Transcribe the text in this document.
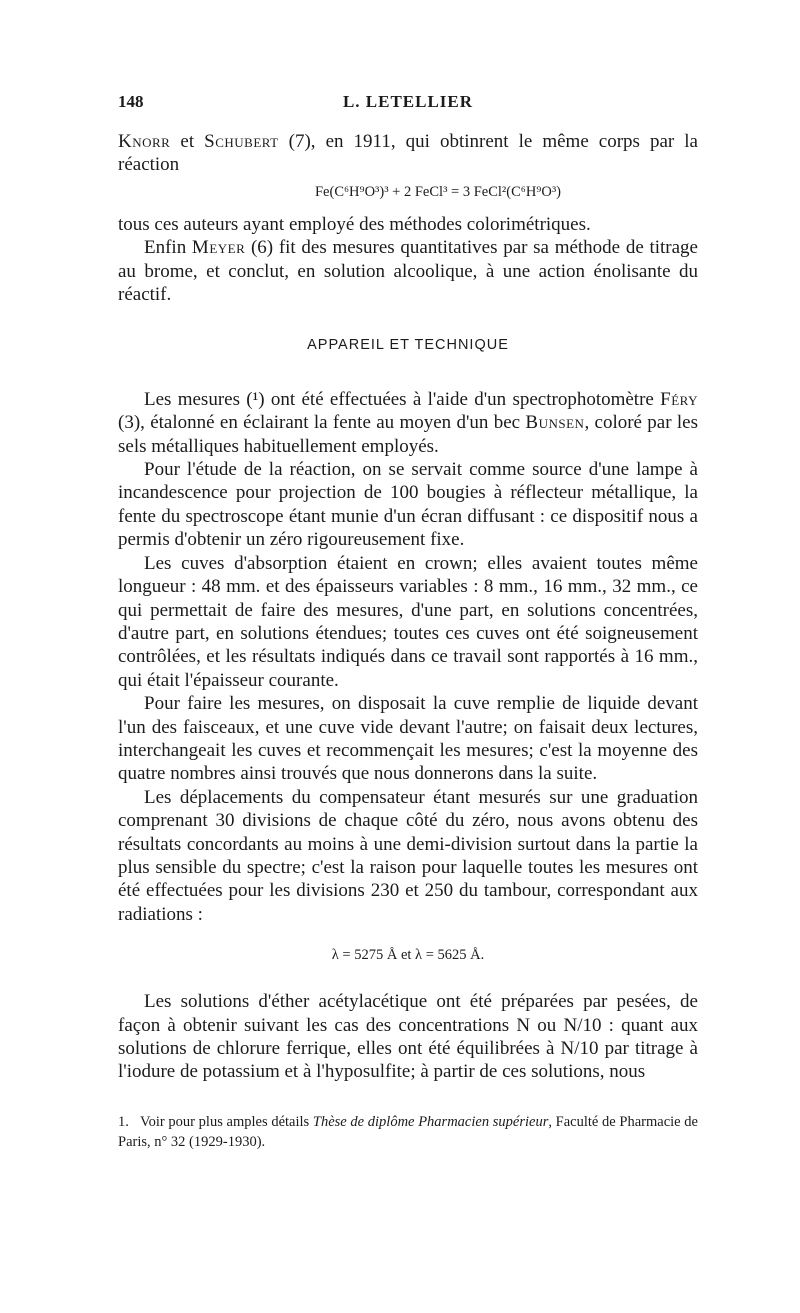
148	L. LETELLIER

Knorr et Schubert (7), en 1911, qui obtinrent le même corps par la réaction

Fe(C⁶H⁹O³)³ + 2 FeCl³ = 3 FeCl²(C⁶H⁹O³)

tous ces auteurs ayant employé des méthodes colorimétriques.

Enfin Meyer (6) fit des mesures quantitatives par sa méthode de titrage au brome, et conclut, en solution alcoolique, à une action énolisante du réactif.

APPAREIL ET TECHNIQUE

Les mesures (¹) ont été effectuées à l'aide d'un spectrophotomètre Féry (3), étalonné en éclairant la fente au moyen d'un bec Bunsen, coloré par les sels métalliques habituellement employés.

Pour l'étude de la réaction, on se servait comme source d'une lampe à incandescence pour projection de 100 bougies à réflecteur métallique, la fente du spectroscope étant munie d'un écran diffusant : ce dispositif nous a permis d'obtenir un zéro rigoureusement fixe.

Les cuves d'absorption étaient en crown; elles avaient toutes même longueur : 48 mm. et des épaisseurs variables : 8 mm., 16 mm., 32 mm., ce qui permettait de faire des mesures, d'une part, en solutions concentrées, d'autre part, en solutions étendues; toutes ces cuves ont été soigneusement contrôlées, et les résultats indiqués dans ce travail sont rapportés à 16 mm., qui était l'épaisseur courante.

Pour faire les mesures, on disposait la cuve remplie de liquide devant l'un des faisceaux, et une cuve vide devant l'autre; on faisait deux lectures, interchangeait les cuves et recommençait les mesures; c'est la moyenne des quatre nombres ainsi trouvés que nous donnerons dans la suite.

Les déplacements du compensateur étant mesurés sur une graduation comprenant 30 divisions de chaque côté du zéro, nous avons obtenu des résultats concordants au moins à une demi-division surtout dans la partie la plus sensible du spectre; c'est la raison pour laquelle toutes les mesures ont été effectuées pour les divisions 230 et 250 du tambour, correspondant aux radiations :

λ = 5275 Å et λ = 5625 Å.

Les solutions d'éther acétylacétique ont été préparées par pesées, de façon à obtenir suivant les cas des concentrations N ou N/10 : quant aux solutions de chlorure ferrique, elles ont été équilibrées à N/10 par titrage à l'iodure de potassium et à l'hyposulfite; à partir de ces solutions, nous

1. Voir pour plus amples détails Thèse de diplôme Pharmacien supérieur, Faculté de Pharmacie de Paris, n° 32 (1929-1930).
